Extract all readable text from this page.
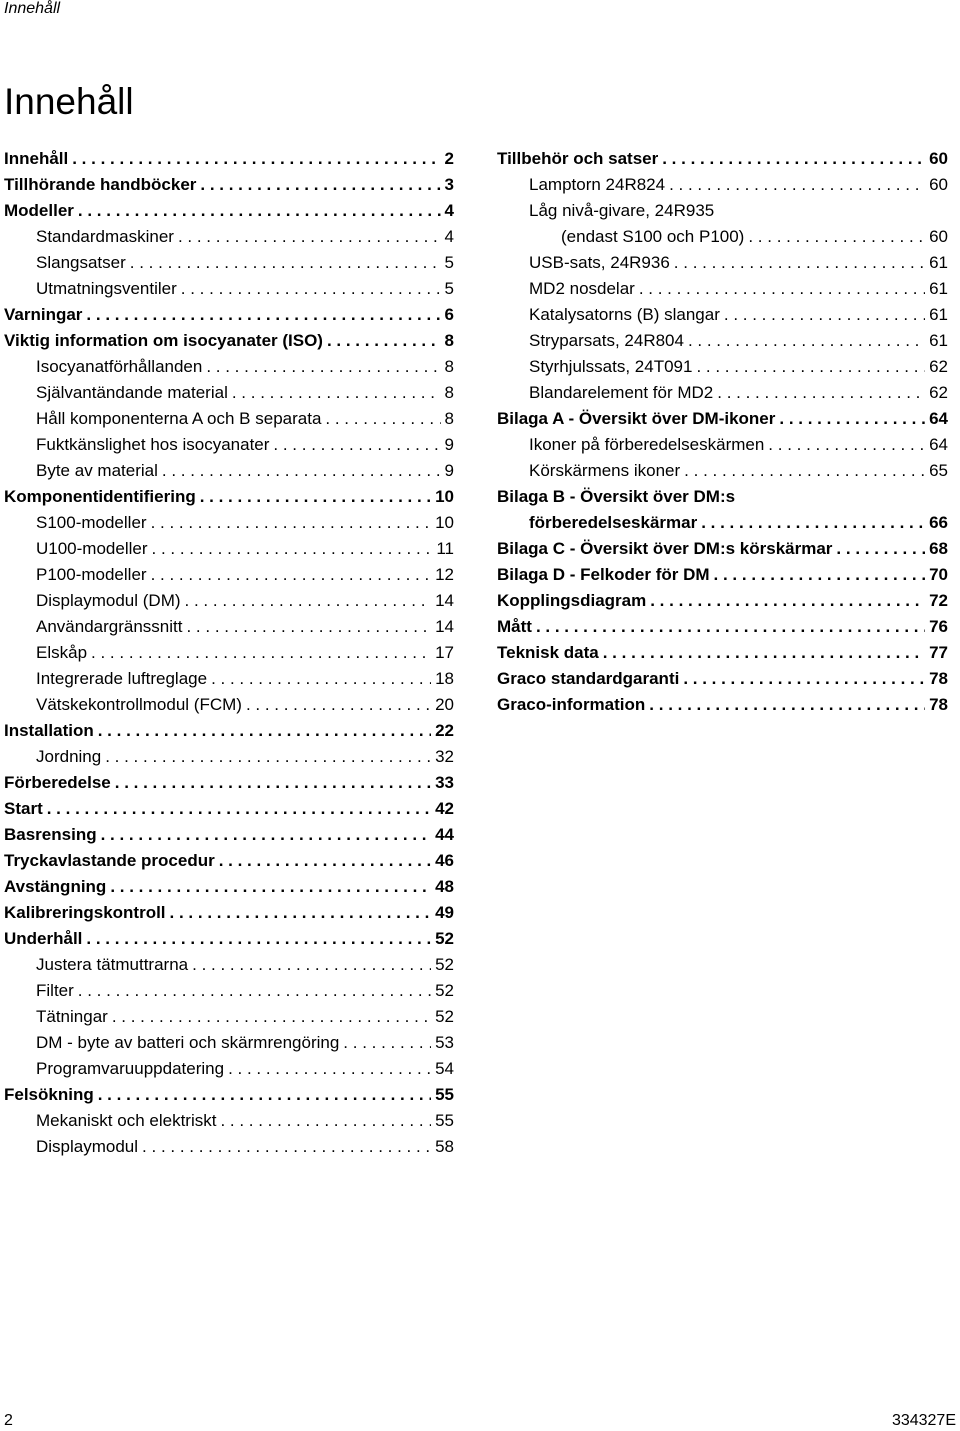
Innehåll
Innehåll
Innehåll . . .	2
Tillhörande handböcker . . .	3
Modeller . . .	4
Standardmaskiner . . .	4
Slangsatser . . .	5
Utmatningsventiler . . .	5
Varningar . . .	6
Viktig information om isocyanater (ISO) . . .	8
Isocyanatförhållanden . . .	8
Självantändande material . . .	8
Håll komponenterna A och B separata . . .	8
Fuktkänslighet hos isocyanater . . .	9
Byte av material . . .	9
Komponentidentifiering . . .	10
S100-modeller . . .	10
U100-modeller . . .	11
P100-modeller . . .	12
Displaymodul (DM) . . .	14
Användargränssnitt . . .	14
Elskåp . . .	17
Integrerade luftreglage . . .	18
Vätskekontrollmodul (FCM) . . .	20
Installation . . .	22
Jordning . . .	32
Förberedelse . . .	33
Start . . .	42
Basrensing . . .	44
Tryckavlastande procedur . . .	46
Avstängning . . .	48
Kalibreringskontroll . . .	49
Underhåll . . .	52
Justera tätmuttrarna . . .	52
Filter . . .	52
Tätningar . . .	52
DM - byte av batteri och skärmrengöring . . .	53
Programvaruuppdatering . . .	54
Felsökning . . .	55
Mekaniskt och elektriskt . . .	55
Displaymodul . . .	58
Tillbehör och satser . . .	60
Lamptorn 24R824 . . .	60
Låg nivå-givare, 24R935
(endast S100 och P100) . . .	60
USB-sats, 24R936 . . .	61
MD2 nosdelar . . .	61
Katalysatorns (B) slangar . . .	61
Stryparsats, 24R804 . . .	61
Styrhjulssats, 24T091 . . .	62
Blandarelement för MD2 . . .	62
Bilaga A - Översikt över DM-ikoner . . .	64
Ikoner på förberedelseskärmen . . .	64
Körskärmens ikoner . . .	65
Bilaga B - Översikt över DM:s
förberedelseskärmar . . .	66
Bilaga C - Översikt över DM:s körskärmar . . .	68
Bilaga D - Felkoder för DM . . .	70
Kopplingsdiagram . . .	72
Mått . . .	76
Teknisk data . . .	77
Graco standardgaranti . . .	78
Graco-information . . .	78
2	334327E
